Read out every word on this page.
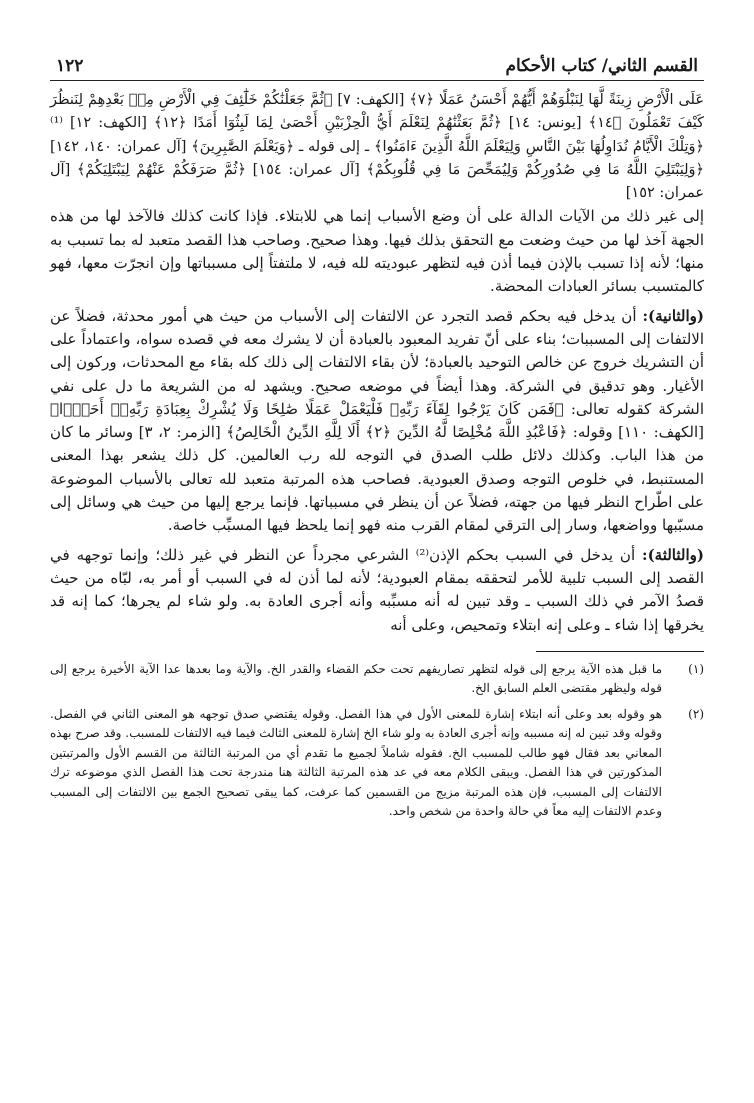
القسم الثاني/ كتاب الأحكام
١٢٢

عَلَى الْأَرْضِ زِينَةً لَّهَا لِنَبْلُوَهُمْ أَيُّهُمْ أَحْسَنُ عَمَلًا ﴿٧﴾ [الكهف: ٧] ﴿ثُمَّ جَعَلْنَٰكُمْ خَلَٰٓئِفَ فِي الْأَرْضِ مِنۢ بَعْدِهِمْ لِنَنظُرَ كَيْفَ تَعْمَلُونَ ﴿١٤﴾ [يونس: ١٤] ﴿ثُمَّ بَعَثْنَٰهُمْ لِنَعْلَمَ أَيُّ الْحِزْبَيْنِ أَحْصَىٰ لِمَا لَبِثُوٓا أَمَدًا ﴿١٢﴾ [الكهف: ١٢] ⁽¹⁾ ﴿وَتِلْكَ الْأَيَّامُ نُدَاوِلُهَا بَيْنَ النَّاسِ وَلِيَعْلَمَ اللَّهُ الَّذِينَ ءَامَنُوا﴾ ـ إلى قوله ـ ﴿وَيَعْلَمَ الصَّٰبِرِينَ﴾ [آل عمران: ١٤٠، ١٤٢] ﴿وَلِيَبْتَلِيَ اللَّهُ مَا فِي صُدُورِكُمْ وَلِيُمَحِّصَ مَا فِي قُلُوبِكُمْ﴾ [آل عمران: ١٥٤] ﴿ثُمَّ صَرَفَكُمْ عَنْهُمْ لِيَبْتَلِيَكُمْ﴾ [آل عمران: ١٥٢]

إلى غير ذلك من الآيات الدالة على أن وضع الأسباب إنما هي للابتلاء. فإذا كانت كذلك فالآخذ لها من هذه الجهة آخذ لها من حيث وضعت مع التحقق بذلك فيها. وهذا صحيح. وصاحب هذا القصد متعبد له بما تسبب به منها؛ لأنه إذا تسبب بالإذن فيما أذن فيه لتظهر عبوديته لله فيه، لا ملتفتاً إلى مسبباتها وإن انجرّت معها، فهو كالمتسبب بسائر العبادات المحضة.

(والثانية): أن يدخل فيه بحكم قصد التجرد عن الالتفات إلى الأسباب من حيث هي أمور محدثة، فضلاً عن الالتفات إلى المسببات؛ بناء على أنّ تفريد المعبود بالعبادة أن لا يشرك معه في قصده سواه، واعتماداً على أن التشريك خروج عن خالص التوحيد بالعبادة؛ لأن بقاء الالتفات إلى ذلك كله بقاء مع المحدثات، وركون إلى الأغيار. وهو تدقيق في الشركة. وهذا أيضاً في موضعه صحيح. ويشهد له من الشريعة ما دل على نفي الشركة كقوله تعالى: ﴿فَمَن كَانَ يَرْجُوا لِقَآءَ رَبِّهِۦ فَلْيَعْمَلْ عَمَلًا صَٰلِحًا وَلَا يُشْرِكْ بِعِبَادَةِ رَبِّهِۦٓ أَحَدًۢا﴾ [الكهف: ١١٠] وقوله: ﴿فَاعْبُدِ اللَّهَ مُخْلِصًا لَّهُ الدِّينَ ﴿٢﴾ أَلَا لِلَّهِ الدِّينُ الْخَالِصُ﴾ [الزمر: ٢، ٣] وسائر ما كان من هذا الباب. وكذلك دلائل طلب الصدق في التوجه لله رب العالمين. كل ذلك يشعر بهذا المعنى المستنبط، في خلوص التوجه وصدق العبودية. فصاحب هذه المرتبة متعبد لله تعالى بالأسباب الموضوعة على اطّراح النظر فيها من جهته، فضلاً عن أن ينظر في مسبباتها. فإنما يرجع إليها من حيث هي وسائل إلى مسبّبها وواضعها، وسار إلى الترقي لمقام القرب منه فهو إنما يلحظ فيها المسبِّب خاصة.

(والثالثة): أن يدخل في السبب بحكم الإذن⁽²⁾ الشرعي مجرداً عن النظر في غير ذلك؛ وإنما توجهه في القصد إلى السبب تلبية للأمر لتحققه بمقام العبودية؛ لأنه لما أذن له في السبب أو أمر به، لبّاه من حيث قصدُ الآمر في ذلك السبب ـ وقد تبين له أنه مسبِّبه وأنه أجرى العادة به. ولو شاء لم يجرها؛ كما إنه قد يخرقها إذا شاء ـ وعلى إنه ابتلاء وتمحيص، وعلى أنه

(١)
ما قبل هذه الآية يرجع إلى قوله لتظهر تصاريفهم تحت حكم القضاء والقدر الخ. والآية وما بعدها عدا الآية الأخيرة يرجع إلى قوله وليظهر مقتضى العلم السابق الخ.
(٢)
هو وقوله بعد وعلى أنه ابتلاء إشارة للمعنى الأول في هذا الفصل. وقوله يقتضي صدق توجهه هو المعنى الثاني في الفصل. وقوله وقد تبين له إنه مسببه وإنه أجرى العادة به ولو شاء الخ إشارة للمعنى الثالث فيما فيه الالتفات للمسبب. وقد صرح بهذه المعاني بعد فقال فهو طالب للمسبب الخ. فقوله شاملاً لجميع ما تقدم أي من المرتبة الثالثة من القسم الأول والمرتبتين المذكورتين في هذا الفصل. ويبقى الكلام معه في عد هذه المرتبة الثالثة هنا مندرجة تحت هذا الفصل الذي موضوعه ترك الالتفات إلى المسبب، فإن هذه المرتبة مزيج من القسمين كما عرفت، كما يبقى تصحيح الجمع بين الالتفات إلى المسبب وعدم الالتفات إليه معاً في حالة واحدة من شخص واحد.
